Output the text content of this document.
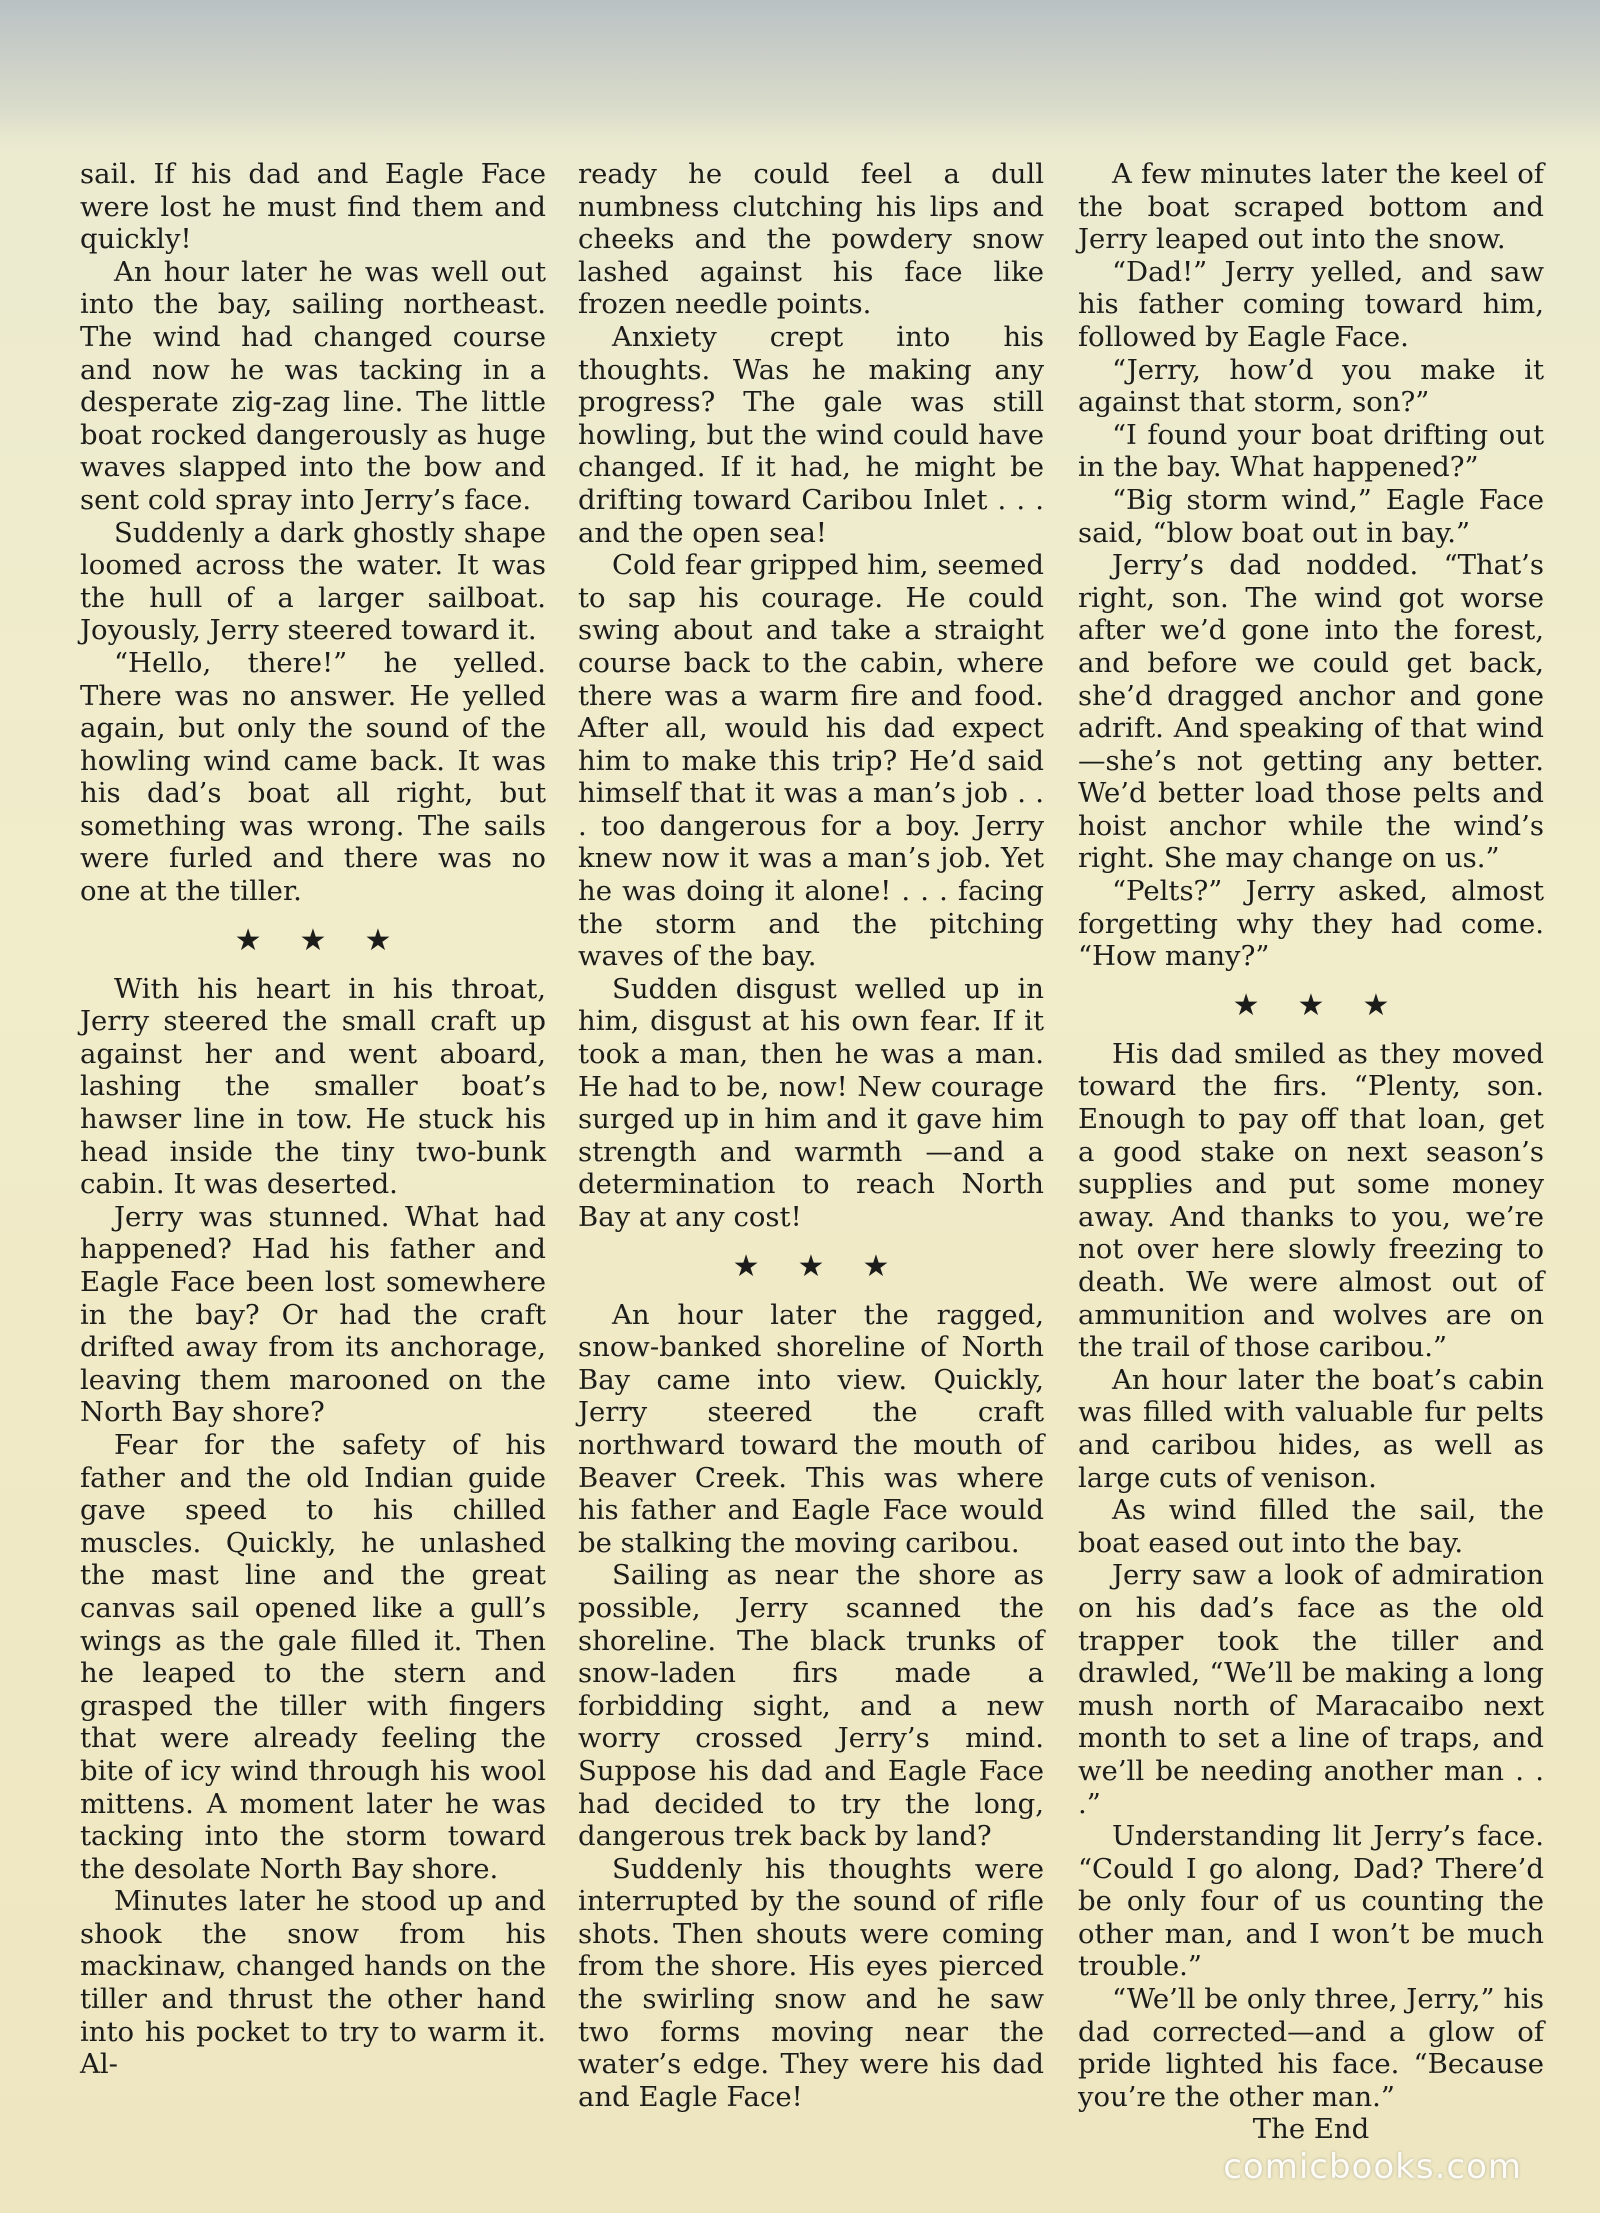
sail. If his dad and Eagle Face were lost he must find them and quickly!

An hour later he was well out into the bay, sailing northeast. The wind had changed course and now he was tacking in a desperate zig-zag line. The little boat rocked dangerously as huge waves slapped into the bow and sent cold spray into Jerry’s face.

Suddenly a dark ghostly shape loomed across the water. It was the hull of a larger sailboat. Joyously, Jerry steered toward it.

“Hello, there!” he yelled. There was no answer. He yelled again, but only the sound of the howling wind came back. It was his dad’s boat all right, but something was wrong. The sails were furled and there was no one at the tiller.

★★★

With his heart in his throat, Jerry steered the small craft up against her and went aboard, lashing the smaller boat’s hawser line in tow. He stuck his head inside the tiny two-bunk cabin. It was deserted.

Jerry was stunned. What had happened? Had his father and Eagle Face been lost somewhere in the bay? Or had the craft drifted away from its anchorage, leaving them marooned on the North Bay shore?

Fear for the safety of his father and the old Indian guide gave speed to his chilled muscles. Quickly, he unlashed the mast line and the great canvas sail opened like a gull’s wings as the gale filled it. Then he leaped to the stern and grasped the tiller with fingers that were already feeling the bite of icy wind through his wool mittens. A moment later he was tacking into the storm toward the desolate North Bay shore.

Minutes later he stood up and shook the snow from his mackinaw, changed hands on the tiller and thrust the other hand into his pocket to try to warm it. Al-

ready he could feel a dull numbness clutching his lips and cheeks and the powdery snow lashed against his face like frozen needle points.

Anxiety crept into his thoughts. Was he making any progress? The gale was still howling, but the wind could have changed. If it had, he might be drifting toward Caribou Inlet . . . and the open sea!

Cold fear gripped him, seemed to sap his courage. He could swing about and take a straight course back to the cabin, where there was a warm fire and food. After all, would his dad expect him to make this trip? He’d said himself that it was a man’s job . . . too dangerous for a boy. Jerry knew now it was a man’s job. Yet he was doing it alone! . . . facing the storm and the pitching waves of the bay.

Sudden disgust welled up in him, disgust at his own fear. If it took a man, then he was a man. He had to be, now! New courage surged up in him and it gave him strength and warmth —and a determination to reach North Bay at any cost!

★★★

An hour later the ragged, snow-banked shoreline of North Bay came into view. Quickly, Jerry steered the craft northward toward the mouth of Beaver Creek. This was where his father and Eagle Face would be stalking the moving caribou.

Sailing as near the shore as possible, Jerry scanned the shoreline. The black trunks of snow-laden firs made a forbidding sight, and a new worry crossed Jerry’s mind. Suppose his dad and Eagle Face had decided to try the long, dangerous trek back by land?

Suddenly his thoughts were interrupted by the sound of rifle shots. Then shouts were coming from the shore. His eyes pierced the swirling snow and he saw two forms moving near the water’s edge. They were his dad and Eagle Face!

A few minutes later the keel of the boat scraped bottom and Jerry leaped out into the snow.

“Dad!” Jerry yelled, and saw his father coming toward him, followed by Eagle Face.

“Jerry, how’d you make it against that storm, son?”

“I found your boat drifting out in the bay. What happened?”

“Big storm wind,” Eagle Face said, “blow boat out in bay.”

Jerry’s dad nodded. “That’s right, son. The wind got worse after we’d gone into the forest, and before we could get back, she’d dragged anchor and gone adrift. And speaking of that wind —she’s not getting any better. We’d better load those pelts and hoist anchor while the wind’s right. She may change on us.”

“Pelts?” Jerry asked, almost forgetting why they had come. “How many?”

★★★

His dad smiled as they moved toward the firs. “Plenty, son. Enough to pay off that loan, get a good stake on next season’s supplies and put some money away. And thanks to you, we’re not over here slowly freezing to death. We were almost out of ammunition and wolves are on the trail of those caribou.”

An hour later the boat’s cabin was filled with valuable fur pelts and caribou hides, as well as large cuts of venison.

As wind filled the sail, the boat eased out into the bay.

Jerry saw a look of admiration on his dad’s face as the old trapper took the tiller and drawled, “We’ll be making a long mush north of Maracaibo next month to set a line of traps, and we’ll be needing another man . . .”

Understanding lit Jerry’s face. “Could I go along, Dad? There’d be only four of us counting the other man, and I won’t be much trouble.”

“We’ll be only three, Jerry,” his dad corrected—and a glow of pride lighted his face. “Because you’re the other man.”

The End

comicbooks.com
